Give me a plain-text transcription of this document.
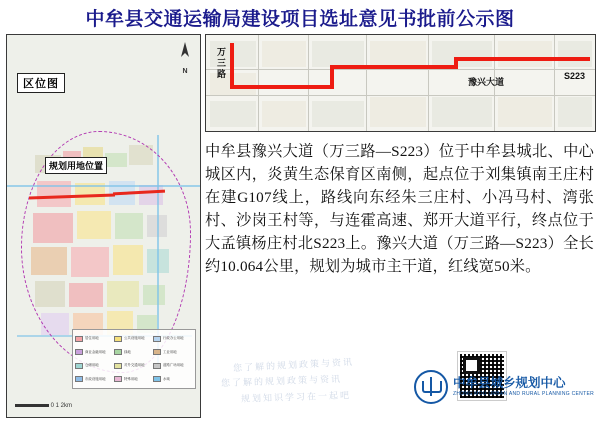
中牟县交通运输局建设项目选址意见书批前公示图
规划用地位置
区位图
N
居住用地	公共设施用地	行政办公用地
商业金融用地	绿地	工业用地
仓储用地	对外交通用地	道路广场用地
市政设施用地	特殊用地	水域
0 1 2km
万三路
豫兴大道
S223
中牟县豫兴大道（万三路—S223）位于中牟县城北、中心城区内，炎黄生态保育区南侧，起点位于刘集镇南王庄村在建G107线上，路线向东经朱三庄村、小冯马村、湾张村、沙岗王村等，与连霍高速、郑开大道平行，终点位于大孟镇杨庄村北S223上。豫兴大道（万三路—S223）全长约10.064公里，规划为城市主干道，红线宽50米。
您了解的规划政策与资讯
您了解的规划政策与资讯
规划知识学习在一起吧
中牟县城乡规划中心
ZHONG MOU URBAN AND RURAL PLANNING CENTER
